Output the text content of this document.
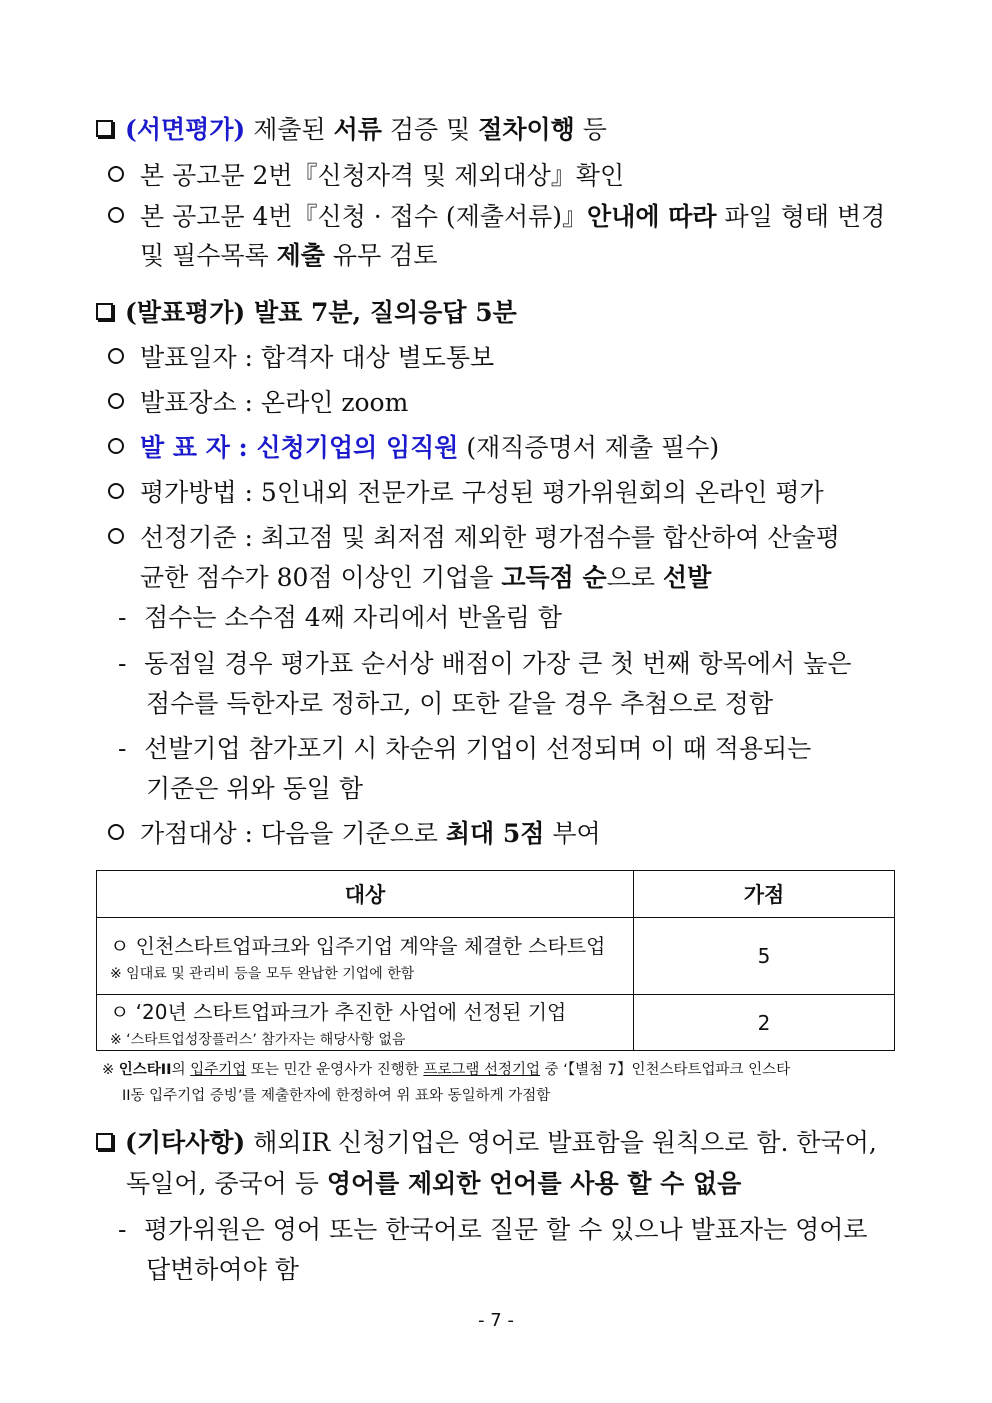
(서면평가) 제출된 서류 검증 및 절차이행 등
본 공고문 2번『신청자격 및 제외대상』확인
본 공고문 4번『신청 · 접수 (제출서류)』안내에 따라 파일 형태 변경
및 필수목록 제출 유무 검토
(발표평가) 발표 7분, 질의응답 5분
발표일자 : 합격자 대상 별도통보
발표장소 : 온라인 zoom
발 표 자 : 신청기업의 임직원 (재직증명서 제출 필수)
평가방법 : 5인내외 전문가로 구성된 평가위원회의 온라인 평가
선정기준 : 최고점 및 최저점 제외한 평가점수를 합산하여 산술평
균한 점수가 80점 이상인 기업을 고득점 순으로 선발
- 점수는 소수점 4째 자리에서 반올림 함
- 동점일 경우 평가표 순서상 배점이 가장 큰 첫 번째 항목에서 높은
점수를 득한자로 정하고, 이 또한 같을 경우 추첨으로 정함
- 선발기업 참가포기 시 차순위 기업이 선정되며 이 때 적용되는
기준은 위와 동일 함
가점대상 : 다음을 기준으로 최대 5점 부여
대상	가점

ㅇ 인천스타트업파크와 입주기업 계약을 체결한 스타트업
※ 임대료 및 관리비 등을 모두 완납한 기업에 한함	5

ㅇ ‘20년 스타트업파크가 추진한 사업에 선정된 기업
※ ‘스타트업성장플러스’ 참가자는 해당사항 없음	2
※ 인스타II의 입주기업 또는 민간 운영사가 진행한 프로그램 선정기업 중 ‘【별첨 7】인천스타트업파크 인스타
II동 입주기업 증빙’를 제출한자에 한정하여 위 표와 동일하게 가점함
(기타사항) 해외IR 신청기업은 영어로 발표함을 원칙으로 함. 한국어,
독일어, 중국어 등 영어를 제외한 언어를 사용 할 수 없음
- 평가위원은 영어 또는 한국어로 질문 할 수 있으나 발표자는 영어로
답변하여야 함
- 7 -
